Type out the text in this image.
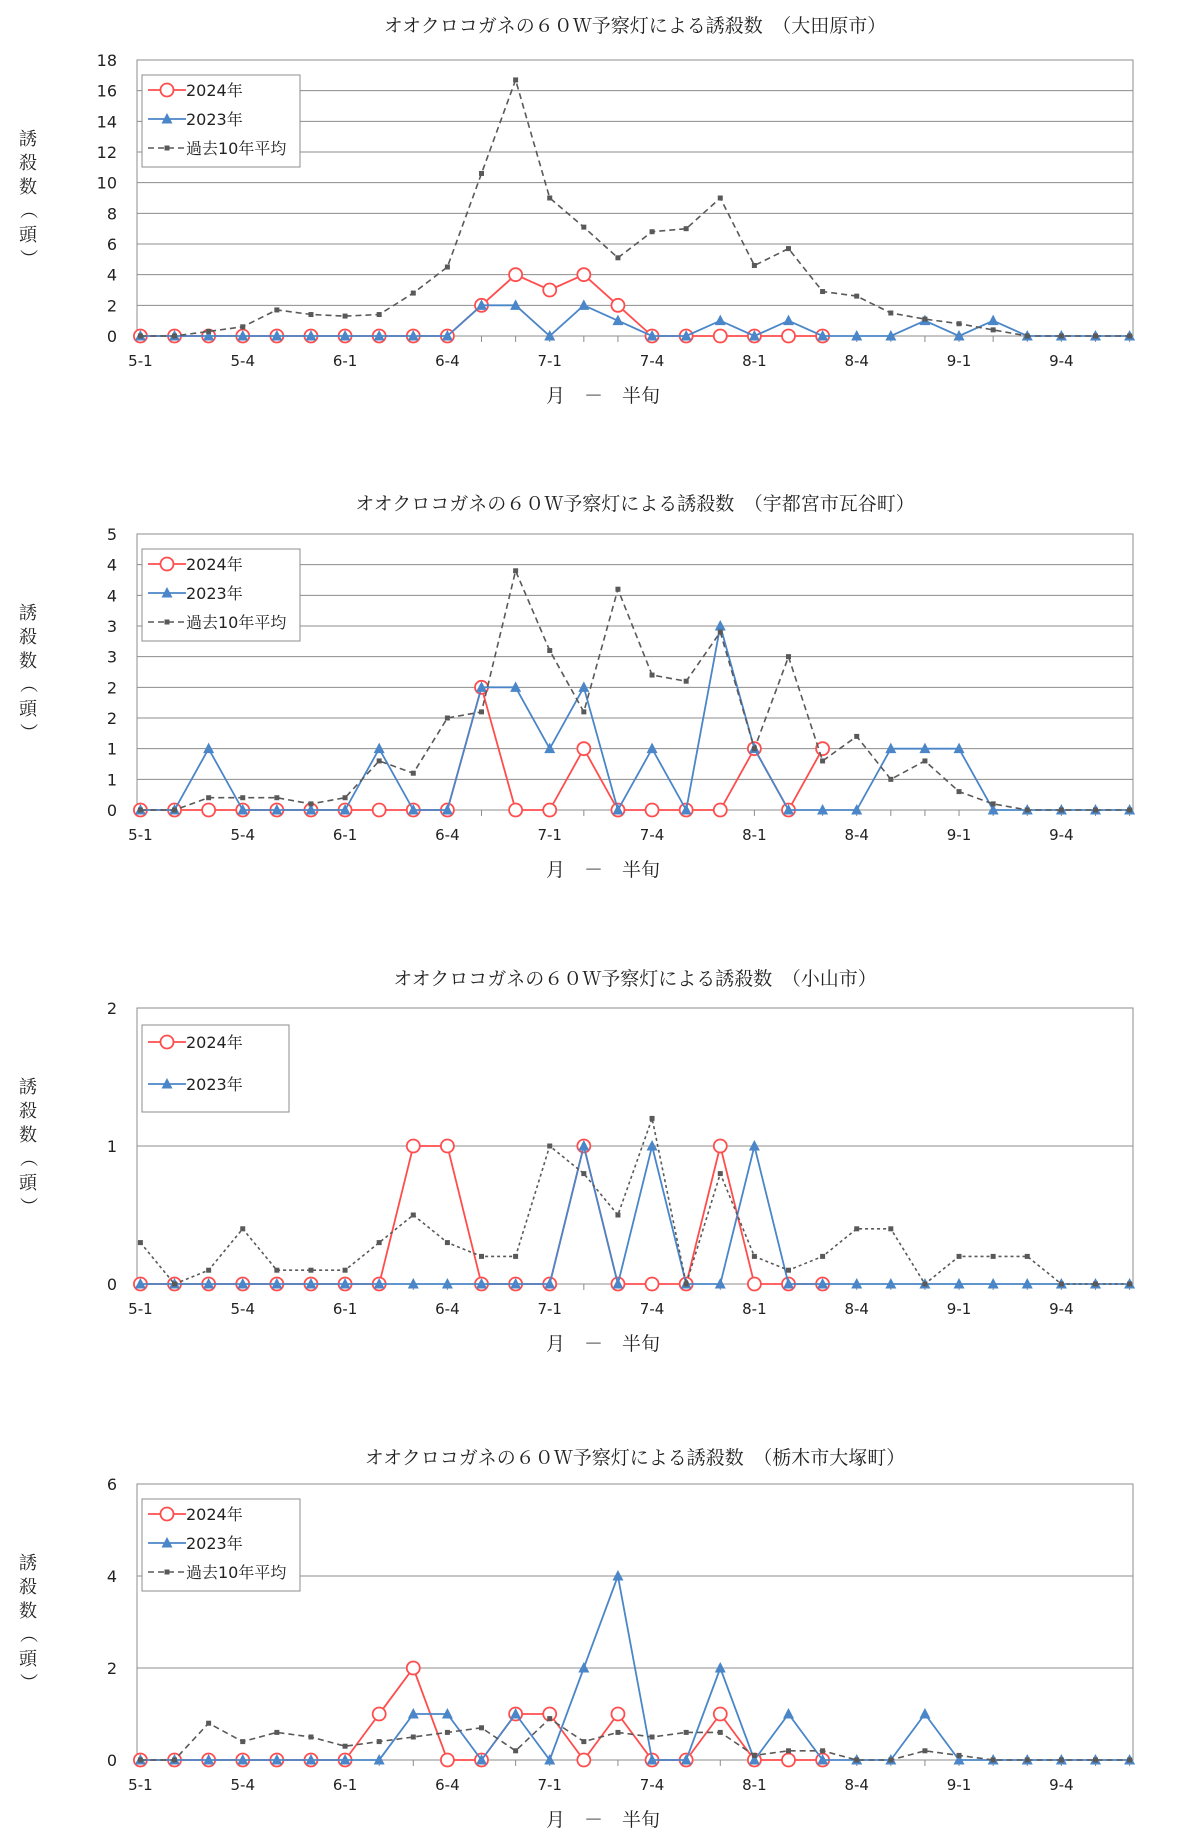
オオクロコガネの６０Ｗ予察灯による誘殺数　（大田原市）
0
2
4
6
8
10
12
14
16
18
5-1	5-4	6-1	6-4	7-1	7-4	8-1	8-4	9-1	9-4
月　－　半旬
誘
殺
数
（
頭
）
2024年
2023年
過去10年平均
オオクロコガネの６０Ｗ予察灯による誘殺数　（宇都宮市瓦谷町）
0
1
1
2
2
3
3
4
4
5
5-1	5-4	6-1	6-4	7-1	7-4	8-1	8-4	9-1	9-4
月　－　半旬
誘
殺
数
（
頭
）
2024年
2023年
過去10年平均
オオクロコガネの６０Ｗ予察灯による誘殺数　（小山市）
0
1
2
5-1	5-4	6-1	6-4	7-1	7-4	8-1	8-4	9-1	9-4
月　－　半旬
誘
殺
数
（
頭
）
2024年
2023年
オオクロコガネの６０Ｗ予察灯による誘殺数　（栃木市大塚町）
0
2
4
6
5-1	5-4	6-1	6-4	7-1	7-4	8-1	8-4	9-1	9-4
月　－　半旬
誘
殺
数
（
頭
）
2024年
2023年
過去10年平均
